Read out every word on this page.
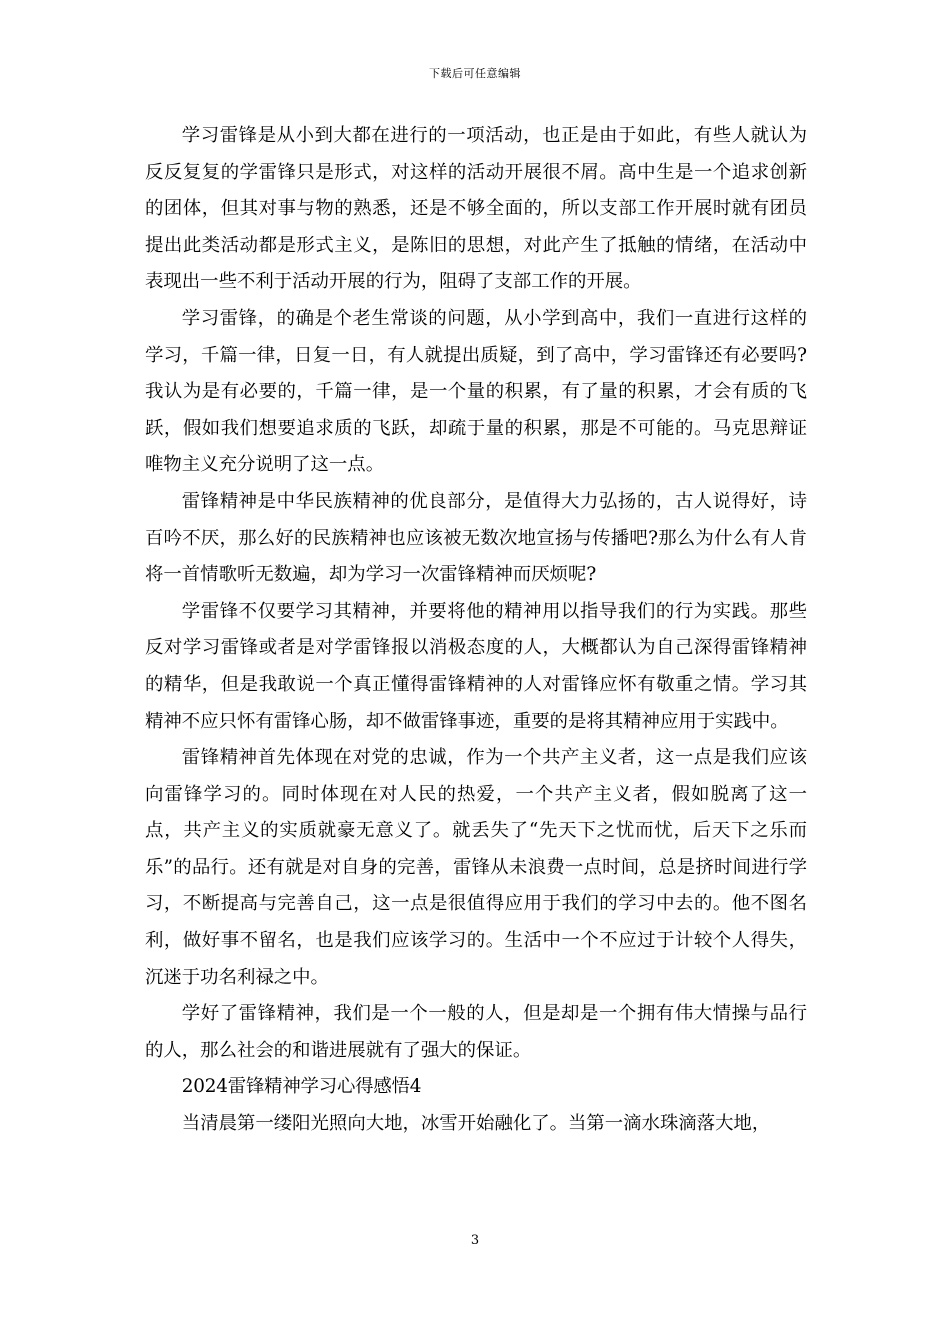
下载后可任意编辑

学习雷锋是从小到大都在进行的一项活动，也正是由于如此，有些人就认为反反复复的学雷锋只是形式，对这样的活动开展很不屑。高中生是一个追求创新的团体，但其对事与物的熟悉，还是不够全面的，所以支部工作开展时就有团员提出此类活动都是形式主义，是陈旧的思想，对此产生了抵触的情绪，在活动中表现出一些不利于活动开展的行为，阻碍了支部工作的开展。

学习雷锋，的确是个老生常谈的问题，从小学到高中，我们一直进行这样的学习，千篇一律，日复一日，有人就提出质疑，到了高中，学习雷锋还有必要吗?我认为是有必要的，千篇一律，是一个量的积累，有了量的积累，才会有质的飞跃，假如我们想要追求质的飞跃，却疏于量的积累，那是不可能的。马克思辩证唯物主义充分说明了这一点。

雷锋精神是中华民族精神的优良部分，是值得大力弘扬的，古人说得好，诗百吟不厌，那么好的民族精神也应该被无数次地宣扬与传播吧?那么为什么有人肯将一首情歌听无数遍，却为学习一次雷锋精神而厌烦呢?

学雷锋不仅要学习其精神，并要将他的精神用以指导我们的行为实践。那些反对学习雷锋或者是对学雷锋报以消极态度的人，大概都认为自己深得雷锋精神的精华，但是我敢说一个真正懂得雷锋精神的人对雷锋应怀有敬重之情。学习其精神不应只怀有雷锋心肠，却不做雷锋事迹，重要的是将其精神应用于实践中。

雷锋精神首先体现在对党的忠诚，作为一个共产主义者，这一点是我们应该向雷锋学习的。同时体现在对人民的热爱，一个共产主义者，假如脱离了这一点，共产主义的实质就豪无意义了。就丢失了“先天下之忧而忧，后天下之乐而乐”的品行。还有就是对自身的完善，雷锋从未浪费一点时间，总是挤时间进行学习，不断提高与完善自己，这一点是很值得应用于我们的学习中去的。他不图名利，做好事不留名，也是我们应该学习的。生活中一个不应过于计较个人得失，沉迷于功名利禄之中。

学好了雷锋精神，我们是一个一般的人，但是却是一个拥有伟大情操与品行的人，那么社会的和谐进展就有了强大的保证。

2024雷锋精神学习心得感悟4

当清晨第一缕阳光照向大地，冰雪开始融化了。当第一滴水珠滴落大地，

3
